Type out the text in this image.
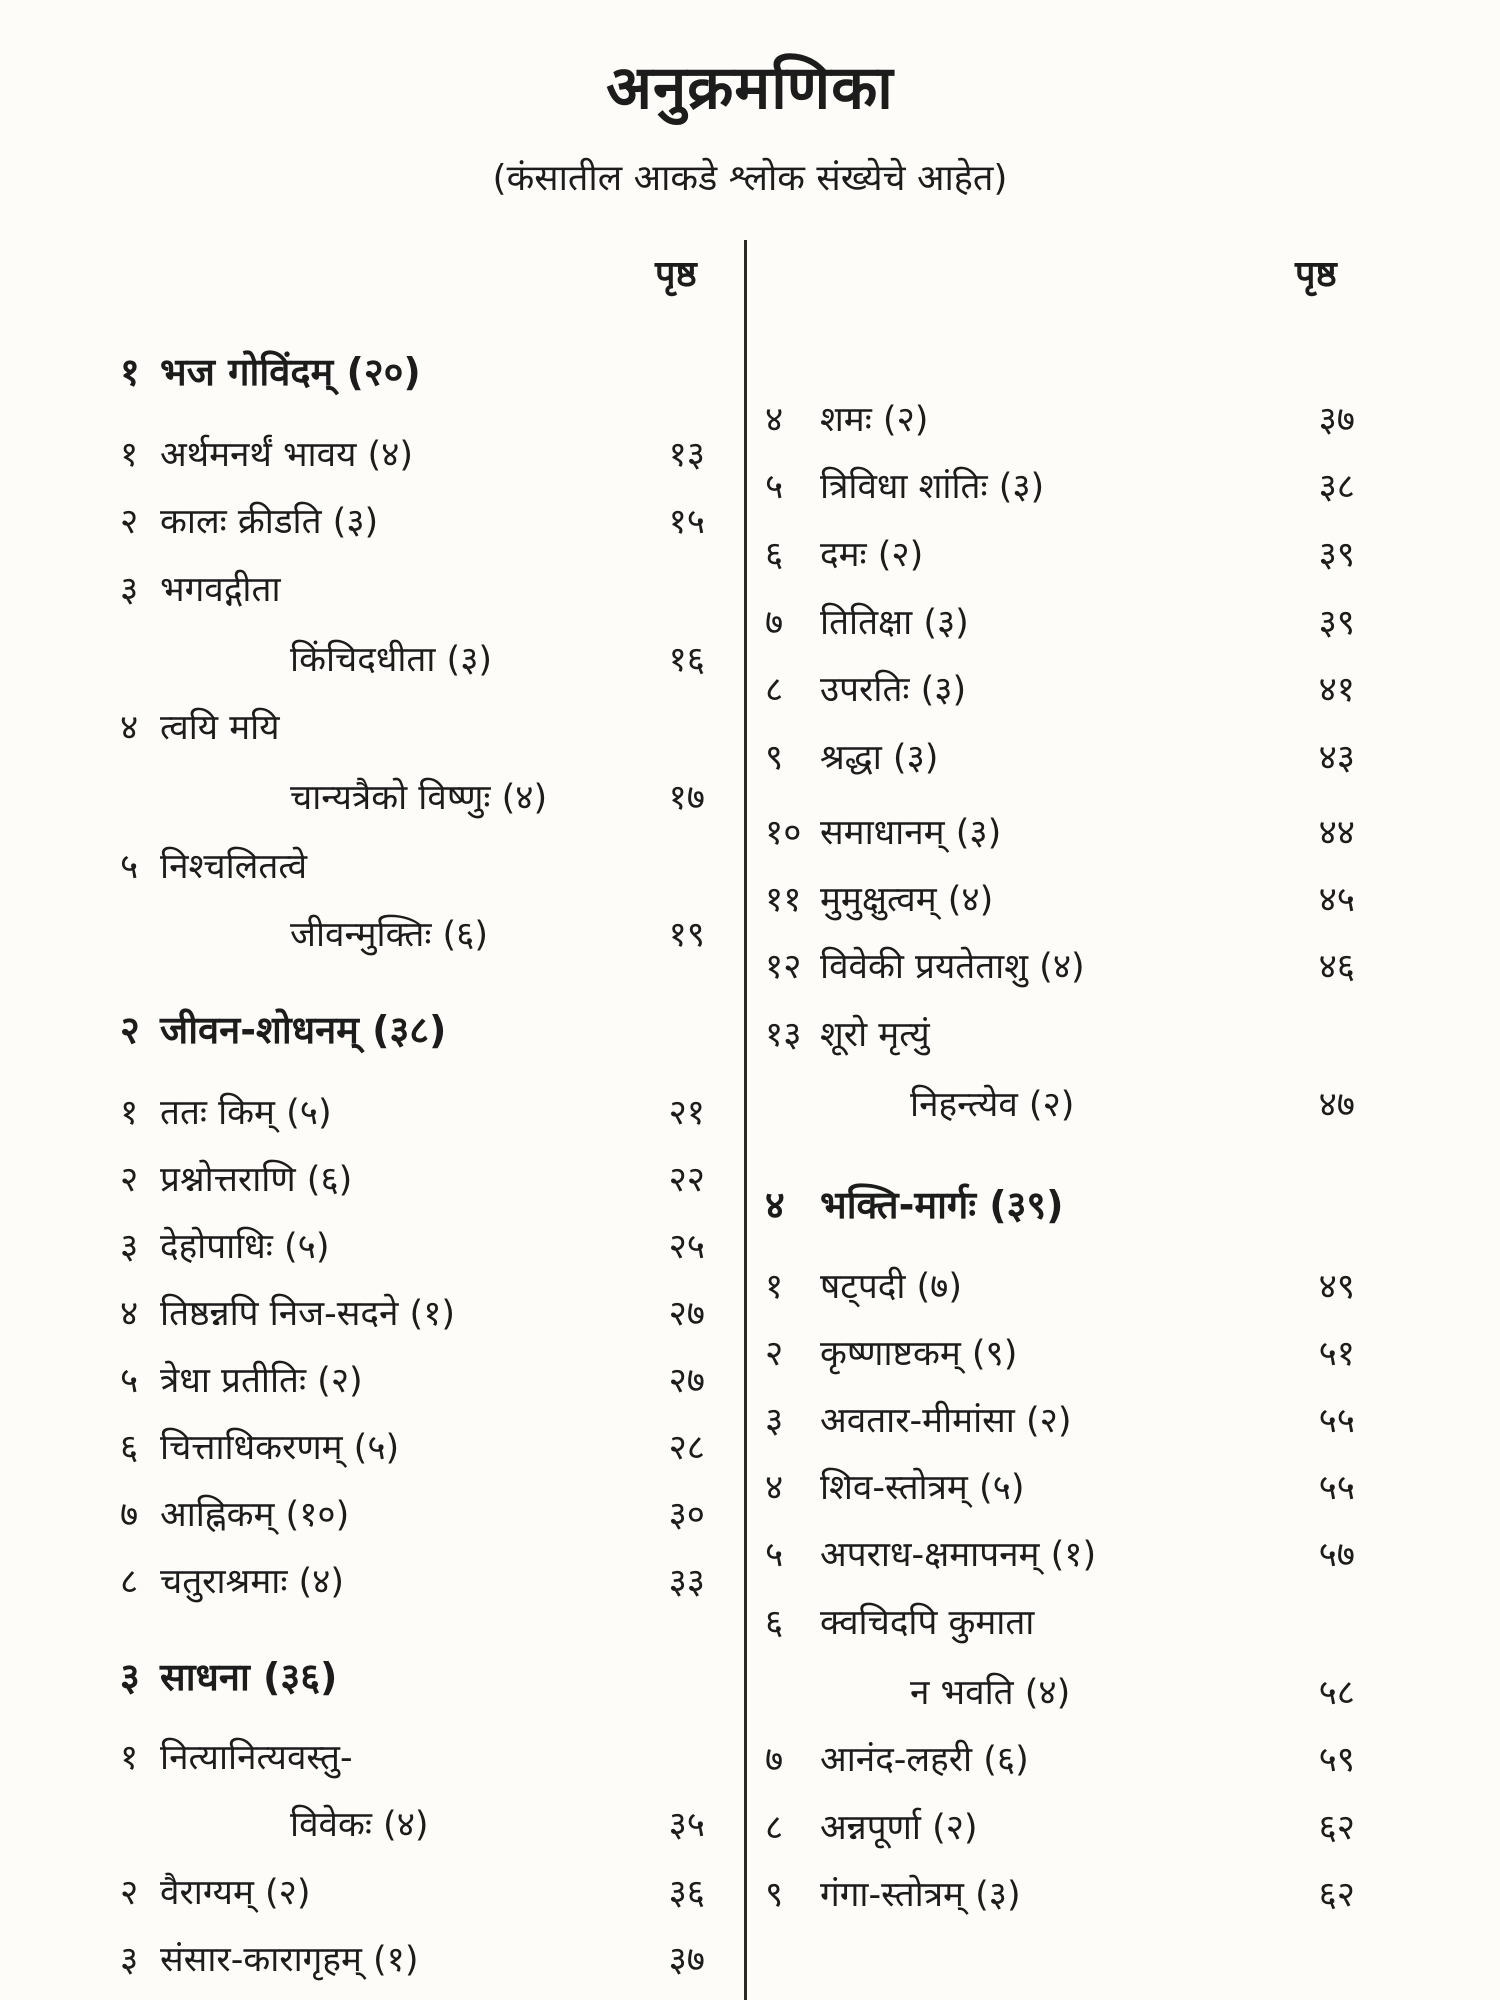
अनुक्रमणिका
(कंसातील आकडे श्लोक संख्येचे आहेत)
पृष्ठ
१ भज गोविंदम् (२०)
१ अर्थमनर्थं भावय (४)	१३
२ कालः क्रीडति (३)	१५
३ भगवद्गीता
किंचिदधीता (३)	१६
४ त्वयि मयि
चान्यत्रैको विष्णुः (४)	१७
५ निश्चलितत्वे
जीवन्मुक्तिः (६)	१९
२ जीवन-शोधनम् (३८)
१ ततः किम् (५)	२१
२ प्रश्नोत्तराणि (६)	२२
३ देहोपाधिः (५)	२५
४ तिष्ठन्नपि निज-सदने (१)	२७
५ त्रेधा प्रतीतिः (२)	२७
६ चित्ताधिकरणम् (५)	२८
७ आह्निकम् (१०)	३०
८ चतुराश्रमाः (४)	३३
३ साधना (३६)
१ नित्यानित्यवस्तु-
विवेकः (४)	३५
२ वैराग्यम् (२)	३६
३ संसार-कारागृहम् (१)	३७
पृष्ठ
४ शमः (२)	३७
५ त्रिविधा शांतिः (३)	३८
६ दमः (२)	३९
७ तितिक्षा (३)	३९
८ उपरतिः (३)	४१
९ श्रद्धा (३)	४३
१० समाधानम् (३)	४४
११ मुमुक्षुत्वम् (४)	४५
१२ विवेकी प्रयतेताशु (४)	४६
१३ शूरो मृत्युं
निहन्त्येव (२)	४७
४ भक्ति-मार्गः (३९)
१ षट्पदी (७)	४९
२ कृष्णाष्टकम् (९)	५१
३ अवतार-मीमांसा (२)	५५
४ शिव-स्तोत्रम् (५)	५५
५ अपराध-क्षमापनम् (१)	५७
६ क्वचिदपि कुमाता
न भवति (४)	५८
७ आनंद-लहरी (६)	५९
८ अन्नपूर्णा (२)	६२
९ गंगा-स्तोत्रम् (३)	६२
